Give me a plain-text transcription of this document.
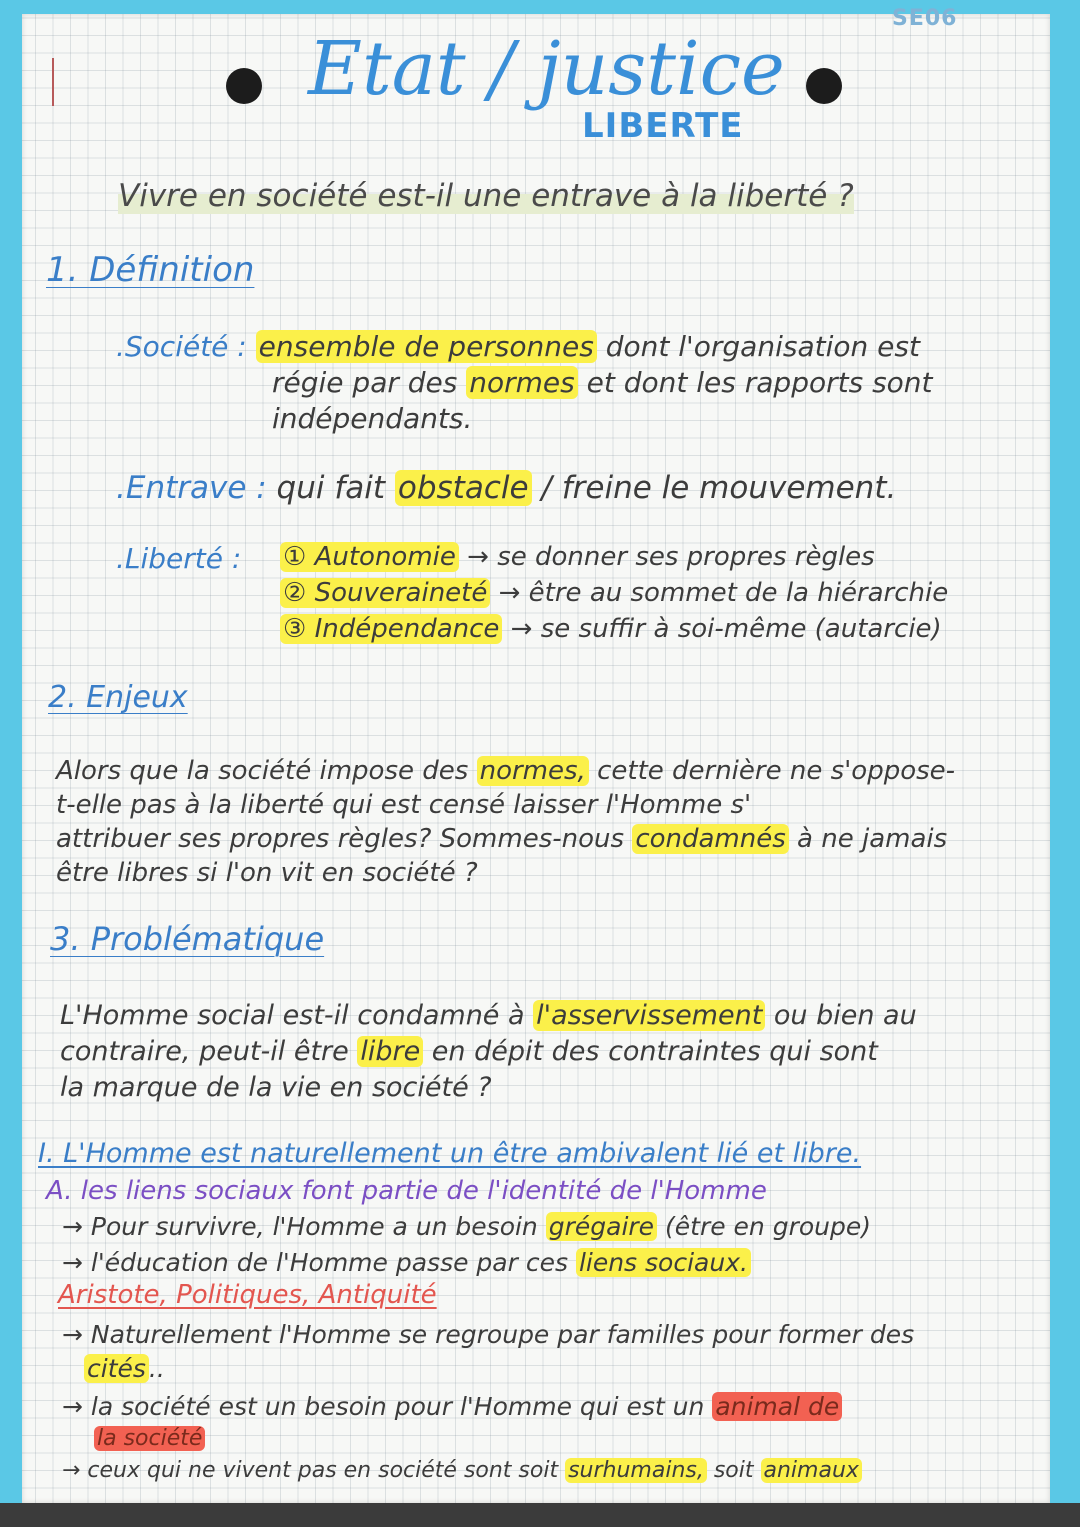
SE06
Etat / justice
LIBERTE
Vivre en société est-il une entrave à la liberté ?
1. Définition
.Société : ensemble de personnes dont l'organisation est
régie par des normes et dont les rapports sont
indépendants.
.Entrave : qui fait obstacle / freine le mouvement.
.Liberté : ① Autonomie → se donner ses propres règles
② Souveraineté → être au sommet de la hiérarchie
③ Indépendance → se suffir à soi-même (autarcie)
2. Enjeux
Alors que la société impose des normes, cette dernière ne s'oppose-
t-elle pas à la liberté qui est censé laisser l'Homme s'
attribuer ses propres règles? Sommes-nous condamnés à ne jamais
être libres si l'on vit en société ?
3. Problématique
L'Homme social est-il condamné à l'asservissement ou bien au
contraire, peut-il être libre en dépit des contraintes qui sont
la marque de la vie en société ?
I. L'Homme est naturellement un être ambivalent lié et libre.
A. les liens sociaux font partie de l'identité de l'Homme
→ Pour survivre, l'Homme a un besoin grégaire (être en groupe)
→ l'éducation de l'Homme passe par ces liens sociaux.
Aristote, Politiques, Antiquité
→ Naturellement l'Homme se regroupe par familles pour former des
cités ..
→ la société est un besoin pour l'Homme qui est un animal de
la société
→ ceux qui ne vivent pas en société sont soit surhumains, soit animaux
